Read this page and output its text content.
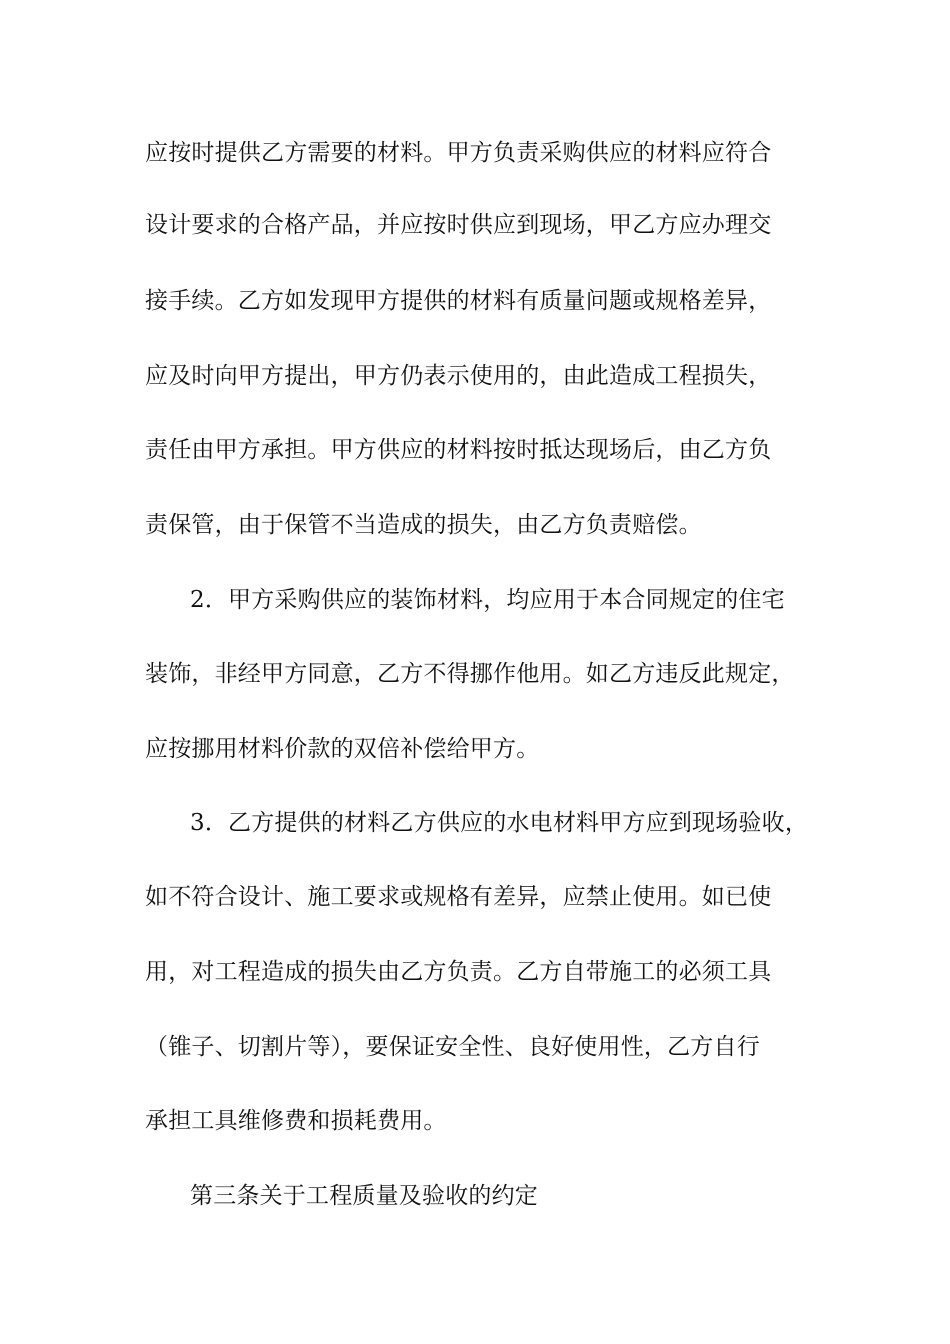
应按时提供乙方需要的材料。甲方负责采购供应的材料应符合
设计要求的合格产品，并应按时供应到现场，甲乙方应办理交
接手续。乙方如发现甲方提供的材料有质量问题或规格差异，
应及时向甲方提出，甲方仍表示使用的，由此造成工程损失，
责任由甲方承担。甲方供应的材料按时抵达现场后，由乙方负
责保管，由于保管不当造成的损失，由乙方负责赔偿。
2．甲方采购供应的装饰材料，均应用于本合同规定的住宅
装饰，非经甲方同意，乙方不得挪作他用。如乙方违反此规定，
应按挪用材料价款的双倍补偿给甲方。
3．乙方提供的材料乙方供应的水电材料甲方应到现场验收，
如不符合设计、施工要求或规格有差异，应禁止使用。如已使
用，对工程造成的损失由乙方负责。乙方自带施工的必须工具
（锥子、切割片等），要保证安全性、良好使用性，乙方自行
承担工具维修费和损耗费用。
第三条关于工程质量及验收的约定
